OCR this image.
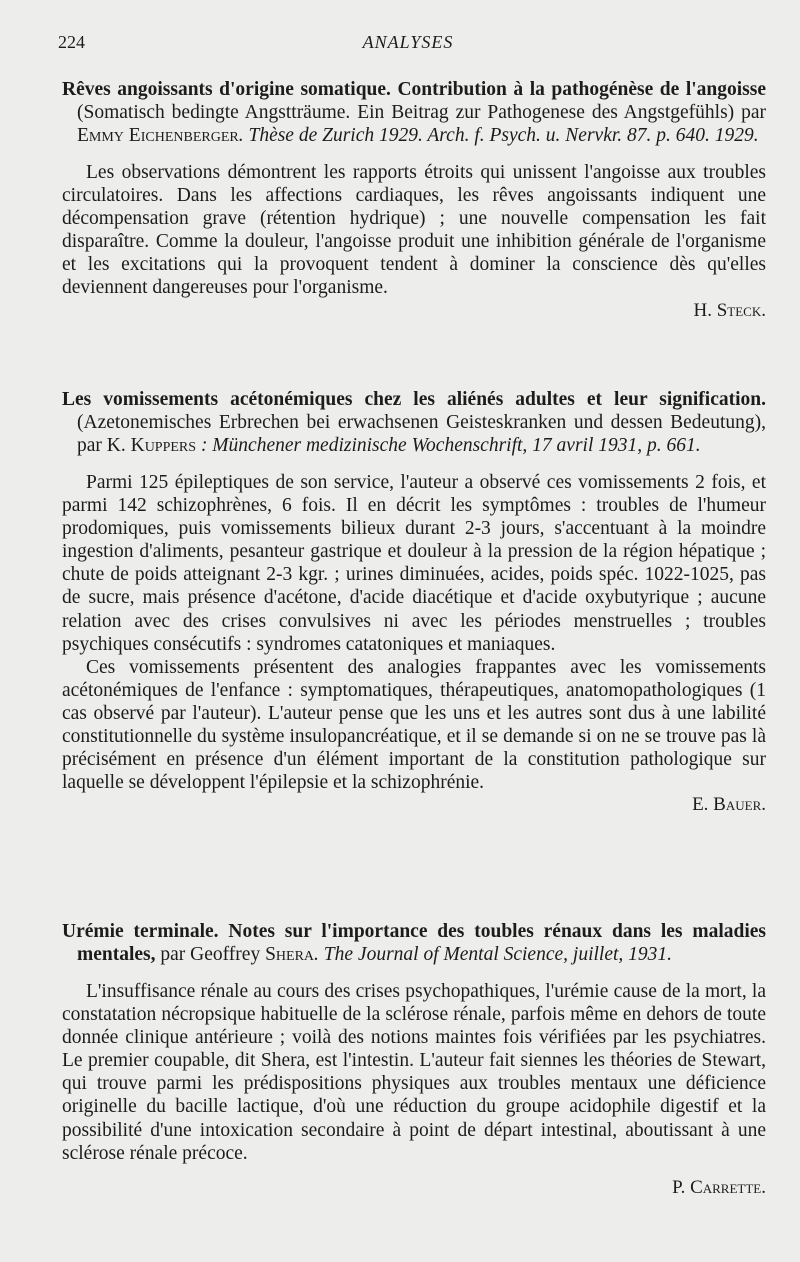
224	ANALYSES

Rêves angoissants d'origine somatique. Contribution à la pathogénèse de l'angoisse (Somatisch bedingte Angstträume. Ein Beitrag zur Pathogenese des Angstgefühls) par Emmy Eichenberger. Thèse de Zurich 1929. Arch. f. Psych. u. Nervkr. 87. p. 640. 1929.

Les observations démontrent les rapports étroits qui unissent l'angoisse aux troubles circulatoires. Dans les affections cardiaques, les rêves angoissants indiquent une décompensation grave (rétention hydrique) ; une nouvelle compensation les fait disparaître. Comme la douleur, l'angoisse produit une inhibition générale de l'organisme et les excitations qui la provoquent tendent à dominer la conscience dès qu'elles deviennent dangereuses pour l'organisme.

H. Steck.

Les vomissements acétonémiques chez les aliénés adultes et leur signification. (Azetonemisches Erbrechen bei erwachsenen Geisteskranken und dessen Bedeutung), par K. Kuppers : Münchener medizinische Wochenschrift, 17 avril 1931, p. 661.

Parmi 125 épileptiques de son service, l'auteur a observé ces vomissements 2 fois, et parmi 142 schizophrènes, 6 fois. Il en décrit les symptômes : troubles de l'humeur prodomiques, puis vomissements bilieux durant 2-3 jours, s'accentuant à la moindre ingestion d'aliments, pesanteur gastrique et douleur à la pression de la région hépatique ; chute de poids atteignant 2-3 kgr. ; urines diminuées, acides, poids spéc. 1022-1025, pas de sucre, mais présence d'acétone, d'acide diacétique et d'acide oxybutyrique ; aucune relation avec des crises convulsives ni avec les périodes menstruelles ; troubles psychiques consécutifs : syndromes catatoniques et maniaques.

Ces vomissements présentent des analogies frappantes avec les vomissements acétonémiques de l'enfance : symptomatiques, thérapeutiques, anatomopathologiques (1 cas observé par l'auteur). L'auteur pense que les uns et les autres sont dus à une labilité constitutionnelle du système insulopancréatique, et il se demande si on ne se trouve pas là précisément en présence d'un élément important de la constitution pathologique sur laquelle se développent l'épilepsie et la schizophrénie.

E. Bauer.

Urémie terminale. Notes sur l'importance des toubles rénaux dans les maladies mentales, par Geoffrey Shera. The Journal of Mental Science, juillet, 1931.

L'insuffisance rénale au cours des crises psychopathiques, l'urémie cause de la mort, la constatation nécropsique habituelle de la sclérose rénale, parfois même en dehors de toute donnée clinique antérieure ; voilà des notions maintes fois vérifiées par les psychiatres. Le premier coupable, dit Shera, est l'intestin. L'auteur fait siennes les théories de Stewart, qui trouve parmi les prédispositions physiques aux troubles mentaux une déficience originelle du bacille lactique, d'où une réduction du groupe acidophile digestif et la possibilité d'une intoxication secondaire à point de départ intestinal, aboutissant à une sclérose rénale précoce.

P. Carrette.
